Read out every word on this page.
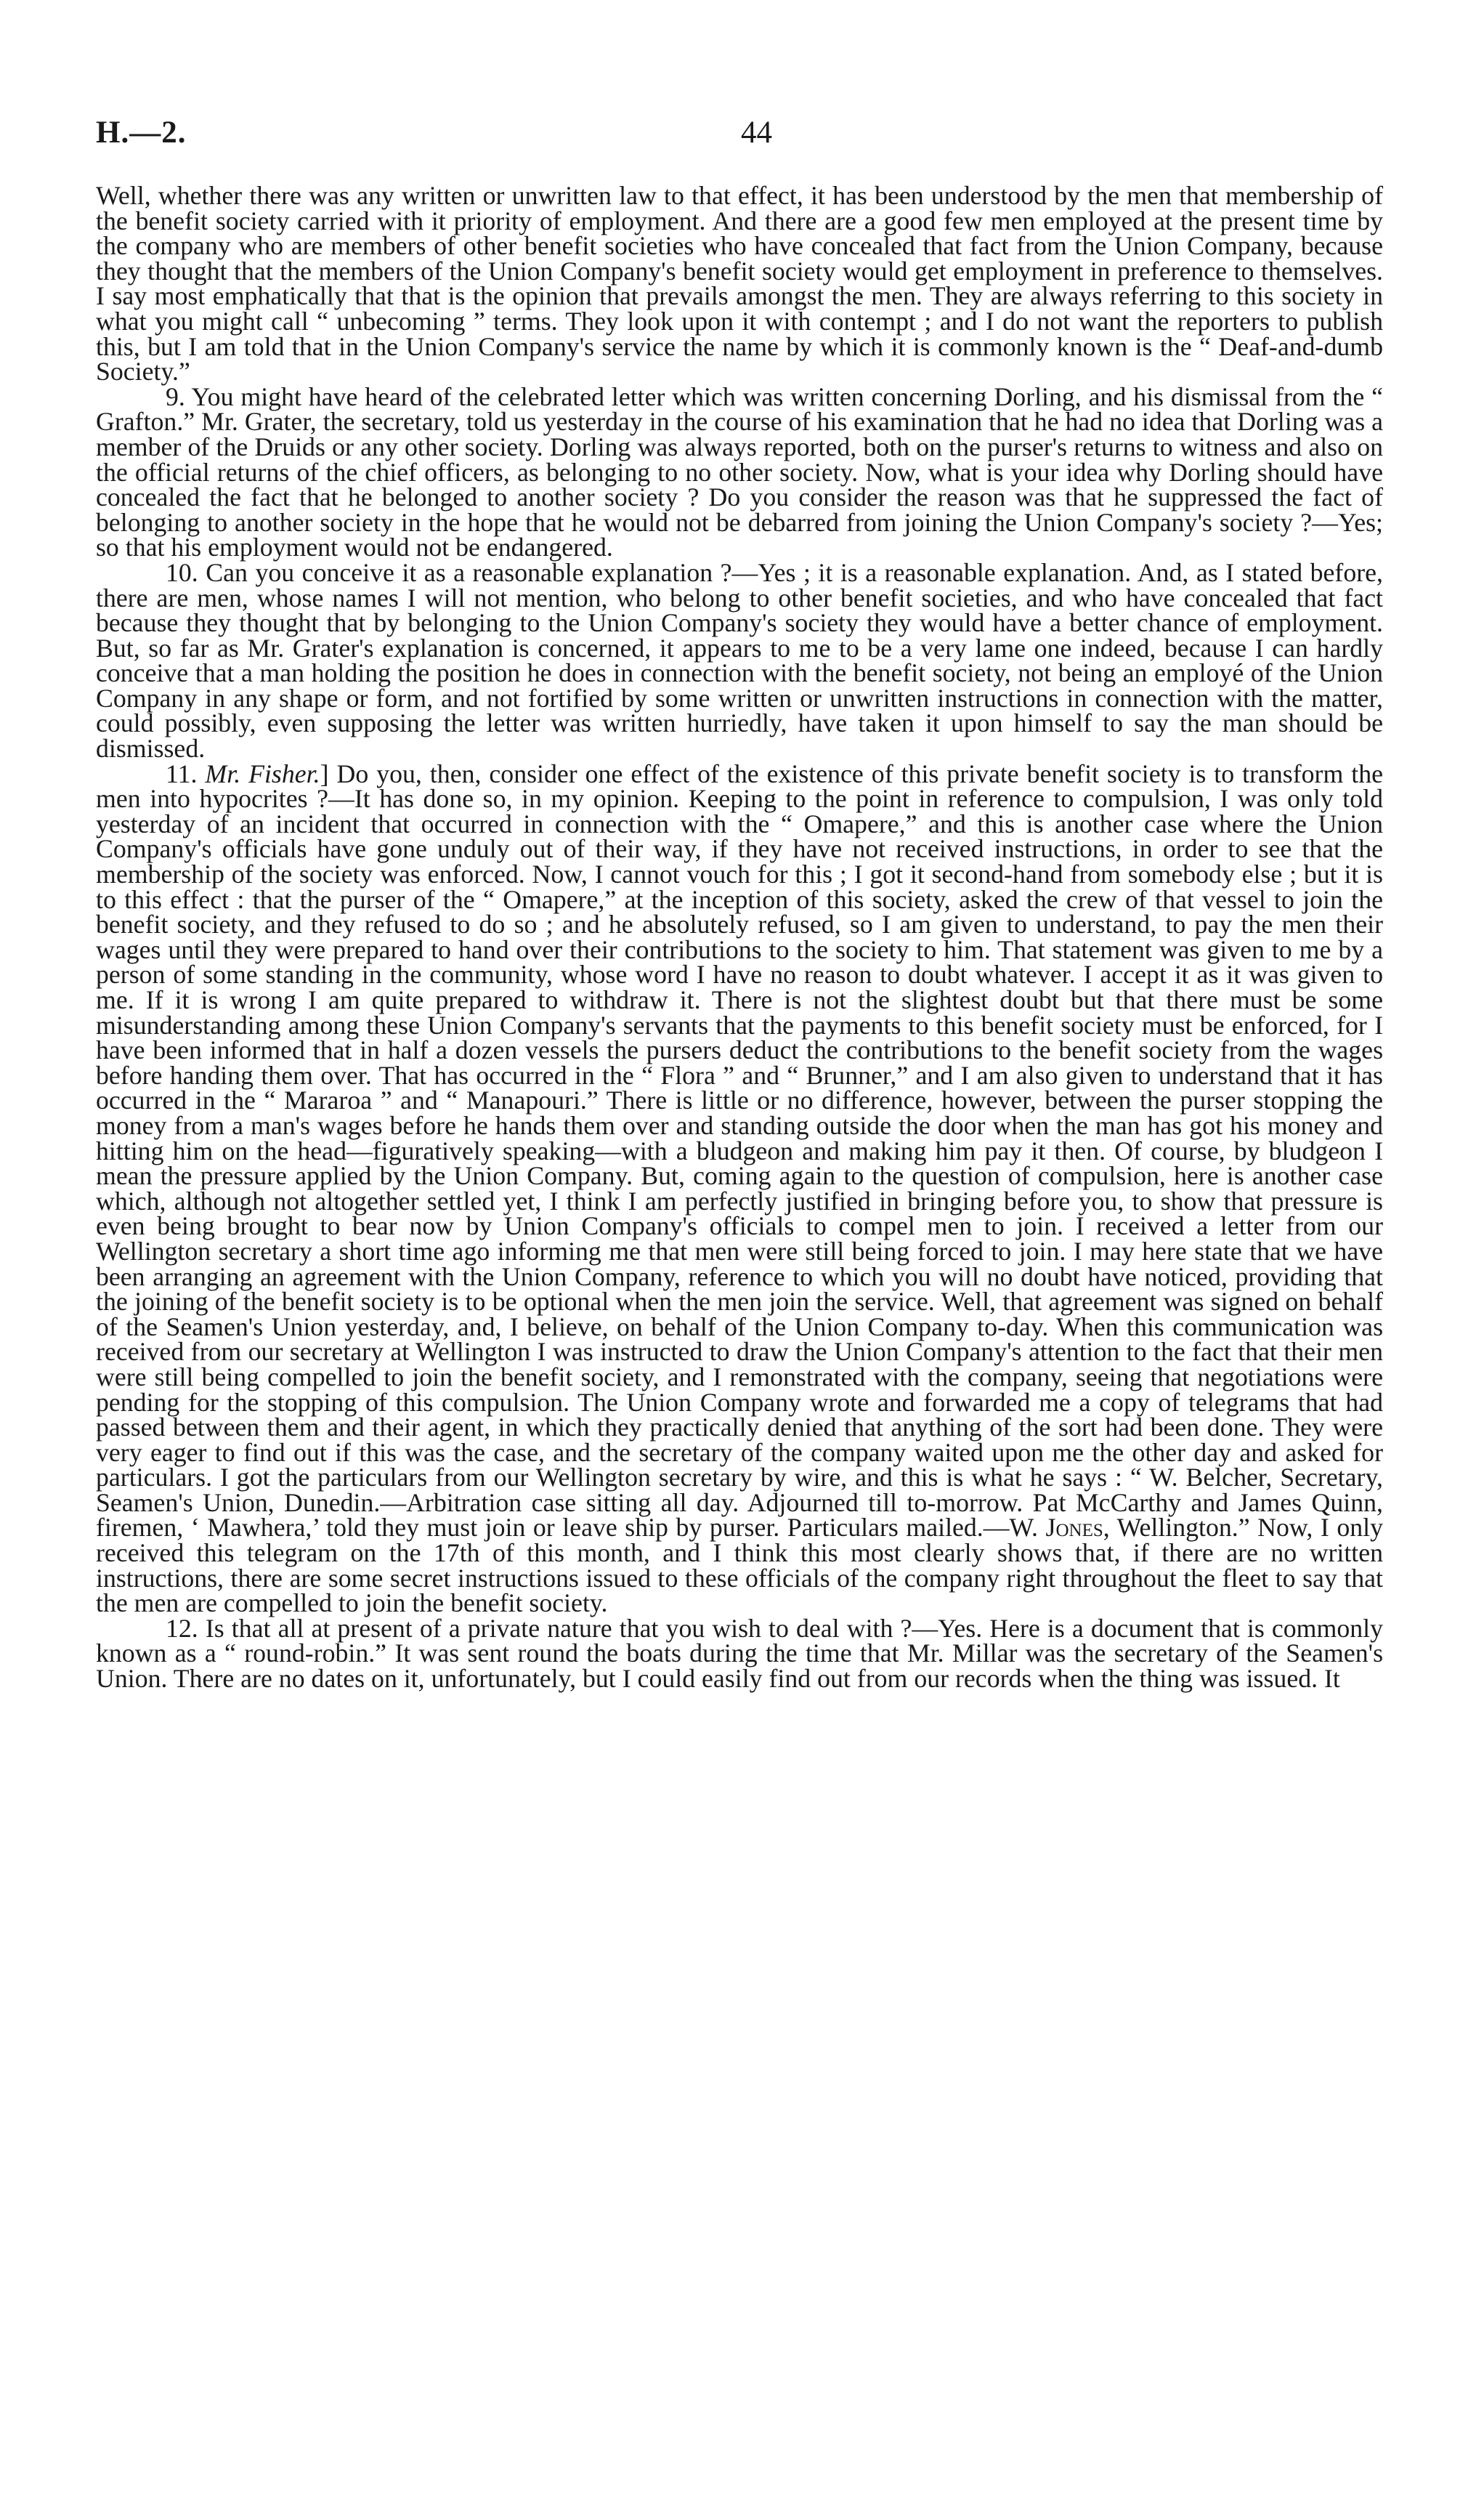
H.—2.	44

Well, whether there was any written or unwritten law to that effect, it has been understood by the men that membership of the benefit society carried with it priority of employment. And there are a good few men employed at the present time by the company who are members of other benefit societies who have concealed that fact from the Union Company, because they thought that the members of the Union Company's benefit society would get employment in preference to themselves. I say most emphatically that that is the opinion that prevails amongst the men. They are always referring to this society in what you might call “ unbecoming ” terms. They look upon it with contempt ; and I do not want the reporters to publish this, but I am told that in the Union Company's service the name by which it is commonly known is the “ Deaf-and-dumb Society.”

9. You might have heard of the celebrated letter which was written concerning Dorling, and his dismissal from the “ Grafton.” Mr. Grater, the secretary, told us yesterday in the course of his examination that he had no idea that Dorling was a member of the Druids or any other society. Dorling was always reported, both on the purser's returns to witness and also on the official returns of the chief officers, as belonging to no other society. Now, what is your idea why Dorling should have concealed the fact that he belonged to another society ? Do you consider the reason was that he suppressed the fact of belonging to another society in the hope that he would not be debarred from joining the Union Company's society ?—Yes; so that his employment would not be endangered.

10. Can you conceive it as a reasonable explanation ?—Yes ; it is a reasonable explanation. And, as I stated before, there are men, whose names I will not mention, who belong to other benefit societies, and who have concealed that fact because they thought that by belonging to the Union Company's society they would have a better chance of employment. But, so far as Mr. Grater's explanation is concerned, it appears to me to be a very lame one indeed, because I can hardly conceive that a man holding the position he does in connection with the benefit society, not being an employé of the Union Company in any shape or form, and not fortified by some written or unwritten instructions in connection with the matter, could possibly, even supposing the letter was written hurriedly, have taken it upon himself to say the man should be dismissed.

11. Mr. Fisher.] Do you, then, consider one effect of the existence of this private benefit society is to transform the men into hypocrites ?—It has done so, in my opinion. Keeping to the point in reference to compulsion, I was only told yesterday of an incident that occurred in connection with the “ Omapere,” and this is another case where the Union Company's officials have gone unduly out of their way, if they have not received instructions, in order to see that the membership of the society was enforced. Now, I cannot vouch for this ; I got it second-hand from somebody else ; but it is to this effect : that the purser of the “ Omapere,” at the inception of this society, asked the crew of that vessel to join the benefit society, and they refused to do so ; and he absolutely refused, so I am given to understand, to pay the men their wages until they were prepared to hand over their contributions to the society to him. That statement was given to me by a person of some standing in the community, whose word I have no reason to doubt whatever. I accept it as it was given to me. If it is wrong I am quite prepared to withdraw it. There is not the slightest doubt but that there must be some misunderstanding among these Union Company's servants that the payments to this benefit society must be enforced, for I have been informed that in half a dozen vessels the pursers deduct the contributions to the benefit society from the wages before handing them over. That has occurred in the “ Flora ” and “ Brunner,” and I am also given to understand that it has occurred in the “ Mararoa ” and “ Manapouri.” There is little or no difference, however, between the purser stopping the money from a man's wages before he hands them over and standing outside the door when the man has got his money and hitting him on the head—figuratively speaking—with a bludgeon and making him pay it then. Of course, by bludgeon I mean the pressure applied by the Union Company. But, coming again to the question of compulsion, here is another case which, although not altogether settled yet, I think I am perfectly justified in bringing before you, to show that pressure is even being brought to bear now by Union Company's officials to compel men to join. I received a letter from our Wellington secretary a short time ago informing me that men were still being forced to join. I may here state that we have been arranging an agreement with the Union Company, reference to which you will no doubt have noticed, providing that the joining of the benefit society is to be optional when the men join the service. Well, that agreement was signed on behalf of the Seamen's Union yesterday, and, I believe, on behalf of the Union Company to-day. When this communication was received from our secretary at Wellington I was instructed to draw the Union Company's attention to the fact that their men were still being compelled to join the benefit society, and I remonstrated with the company, seeing that negotiations were pending for the stopping of this compulsion. The Union Company wrote and forwarded me a copy of telegrams that had passed between them and their agent, in which they practically denied that anything of the sort had been done. They were very eager to find out if this was the case, and the secretary of the company waited upon me the other day and asked for particulars. I got the particulars from our Wellington secretary by wire, and this is what he says : “ W. Belcher, Secretary, Seamen's Union, Dunedin.—Arbitration case sitting all day. Adjourned till to-morrow. Pat McCarthy and James Quinn, firemen, ‘ Mawhera,’ told they must join or leave ship by purser. Particulars mailed.—W. Jones, Wellington.” Now, I only received this telegram on the 17th of this month, and I think this most clearly shows that, if there are no written instructions, there are some secret instructions issued to these officials of the company right throughout the fleet to say that the men are compelled to join the benefit society.

12. Is that all at present of a private nature that you wish to deal with ?—Yes. Here is a document that is commonly known as a “ round-robin.” It was sent round the boats during the time that Mr. Millar was the secretary of the Seamen's Union. There are no dates on it, unfortunately, but I could easily find out from our records when the thing was issued. It
